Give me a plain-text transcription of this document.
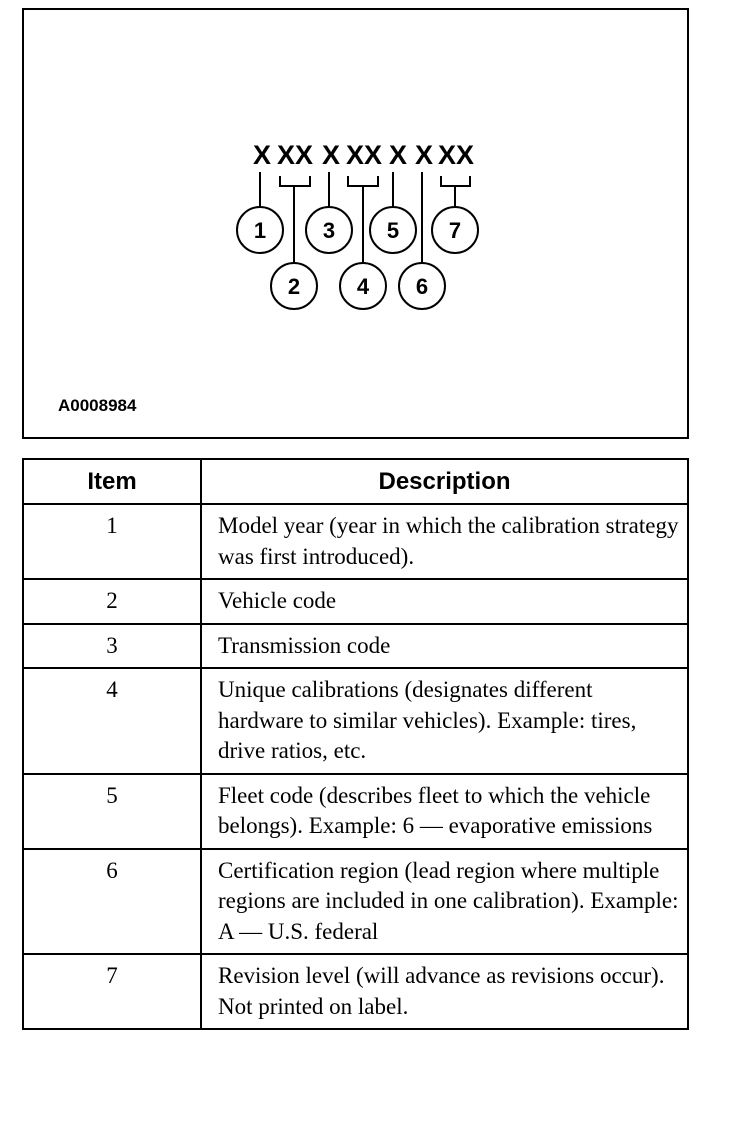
X XX X XX X X XX
1
2
3
4
5
6
7
A0008984
Item	Description
1	Model year (year in which the calibration strategy was first introduced).
2	Vehicle code
3	Transmission code
4	Unique calibrations (designates different hardware to similar vehicles). Example: tires, drive ratios, etc.
5	Fleet code (describes fleet to which the vehicle belongs). Example: 6 — evaporative emissions
6	Certification region (lead region where multiple regions are included in one calibration). Example: A — U.S. federal
7	Revision level (will advance as revisions occur). Not printed on label.
